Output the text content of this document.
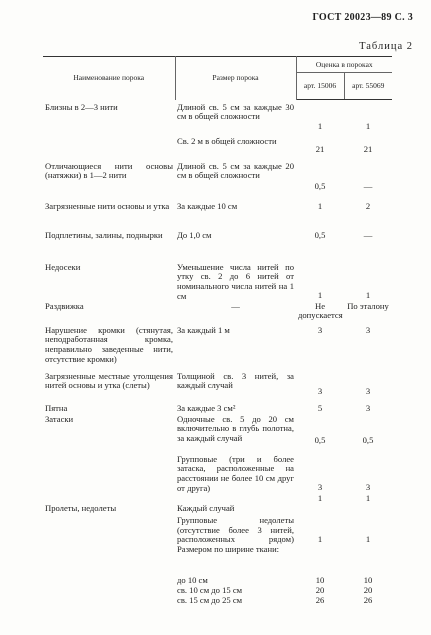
ГОСТ 20023—89 С. 3
Таблица 2
Наименование порока	Размер порока	Оценка в пороках	
		арт. 15006	арт. 55069
Близны в 2—3 нити	Длиной св. 5 см за каждые 30 см в общей сложности	1	1
	Св. 2 м в общей сложности	21	21
Отличающиеся нити основы (натяжки) в 1—2 нити	Длиной св. 5 см за каждые 20 см в общей сложности	0,5	—
Загрязненные нити основы и утка	За каждые 10 см	1	2
Подплетины, залины, поднырки	До 1,0 см	0,5	—
Недосеки	Уменьшение числа нитей по утку св. 2 до 6 нитей от номинального числа нитей на 1 см	1	1
Раздвижка	—	Не допускается	По эталону
Нарушение кромки (стянутая, неподработанная кромка, неправильно заведенные нити, отсутствие кромки)	За каждый 1 м	3	3
Загрязненные местные утолщения нитей основы и утка (слеты)	Толщиной св. 3 нитей, за каждый случай	3	3
Пятна	За каждые 3 см²	5	3
Затаски	Одночные св. 5 до 20 см включительно в глубь полотна, за каждый случай	0,5	0,5
	Групповые (три и более затаска, расположенные на расстоянии не более 10 см друг от друга)	3	3
		1	1
Пролеты, недолеты	Каждый случай		
	Групповые недолеты (отсутствие более 3 нитей, расположенных рядом) Размером по ширине ткани:	1	1
	до 10 см	10	10
	св. 10 см до 15 см	20	20
	св. 15 см до 25 см	26	26
